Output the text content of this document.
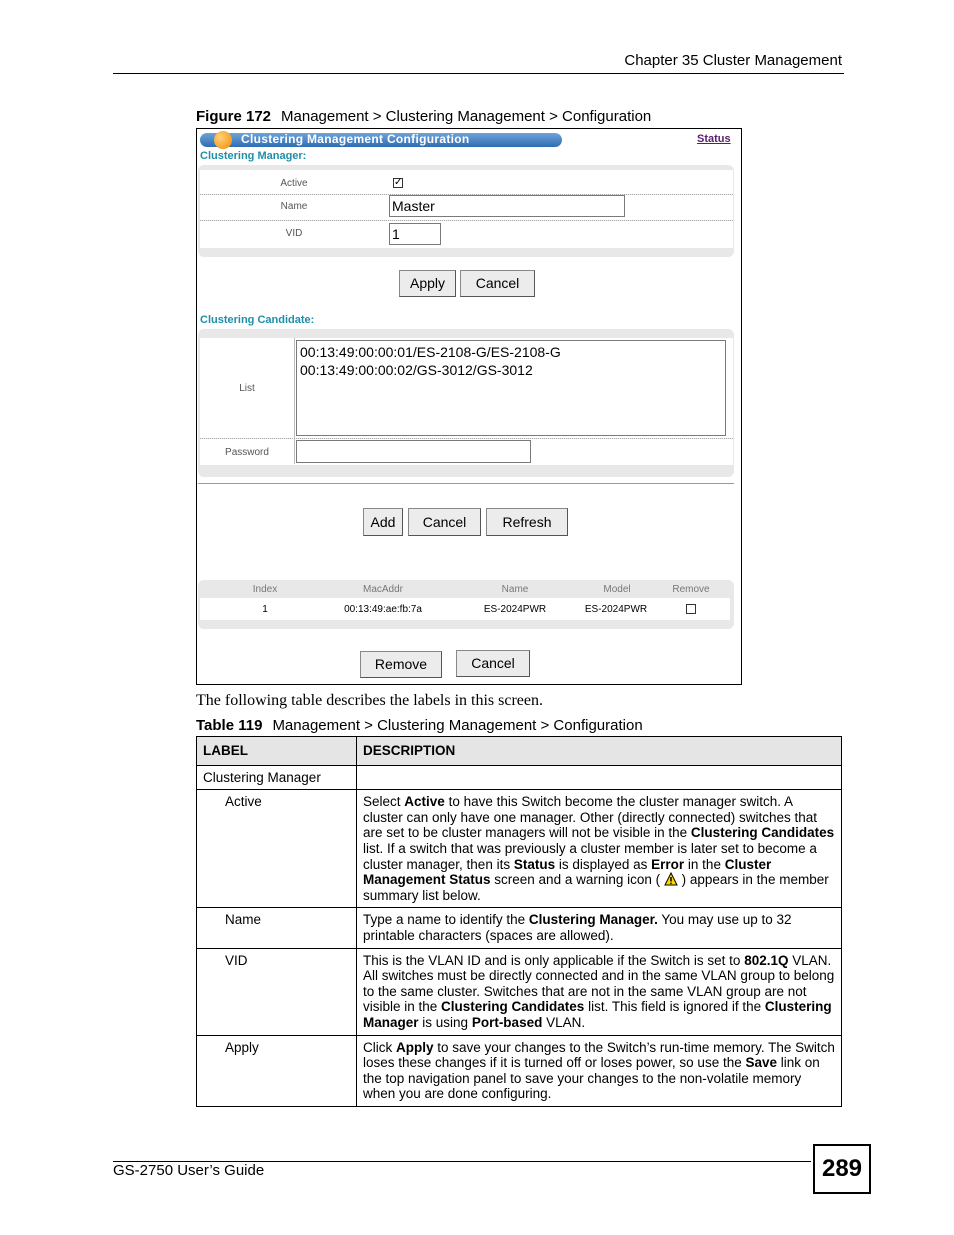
Chapter 35 Cluster Management
Figure 172 Management > Clustering Management > Configuration
Clustering Management Configuration	Status
Clustering Manager:
Active	✓
Name	Master
VID	1
Apply	Cancel
Clustering Candidate:
List
00:13:49:00:00:01/ES-2108-G/ES-2108-G
00:13:49:00:00:02/GS-3012/GS-3012
Password
Add	Cancel	Refresh
Index	MacAddr	Name	Model	Remove
1	00:13:49:ae:fb:7a	ES-2024PWR	ES-2024PWR
Remove	Cancel
The following table describes the labels in this screen.
Table 119 Management > Clustering Management > Configuration
LABEL	DESCRIPTION
Clustering Manager	
Active	Select Active to have this Switch become the cluster manager switch. A cluster can only have one manager. Other (directly connected) switches that are set to be cluster managers will not be visible in the Clustering Candidates list. If a switch that was previously a cluster member is later set to become a cluster manager, then its Status is displayed as Error in the Cluster Management Status screen and a warning icon (  ) appears in the member summary list below.
Name	Type a name to identify the Clustering Manager. You may use up to 32 printable characters (spaces are allowed).
VID	This is the VLAN ID and is only applicable if the Switch is set to 802.1Q VLAN. All switches must be directly connected and in the same VLAN group to belong to the same cluster. Switches that are not in the same VLAN group are not visible in the Clustering Candidates list. This field is ignored if the Clustering Manager is using Port-based VLAN.
Apply	Click Apply to save your changes to the Switch’s run-time memory. The Switch loses these changes if it is turned off or loses power, so use the Save link on the top navigation panel to save your changes to the non-volatile memory when you are done configuring.
GS-2750 User’s Guide	289
